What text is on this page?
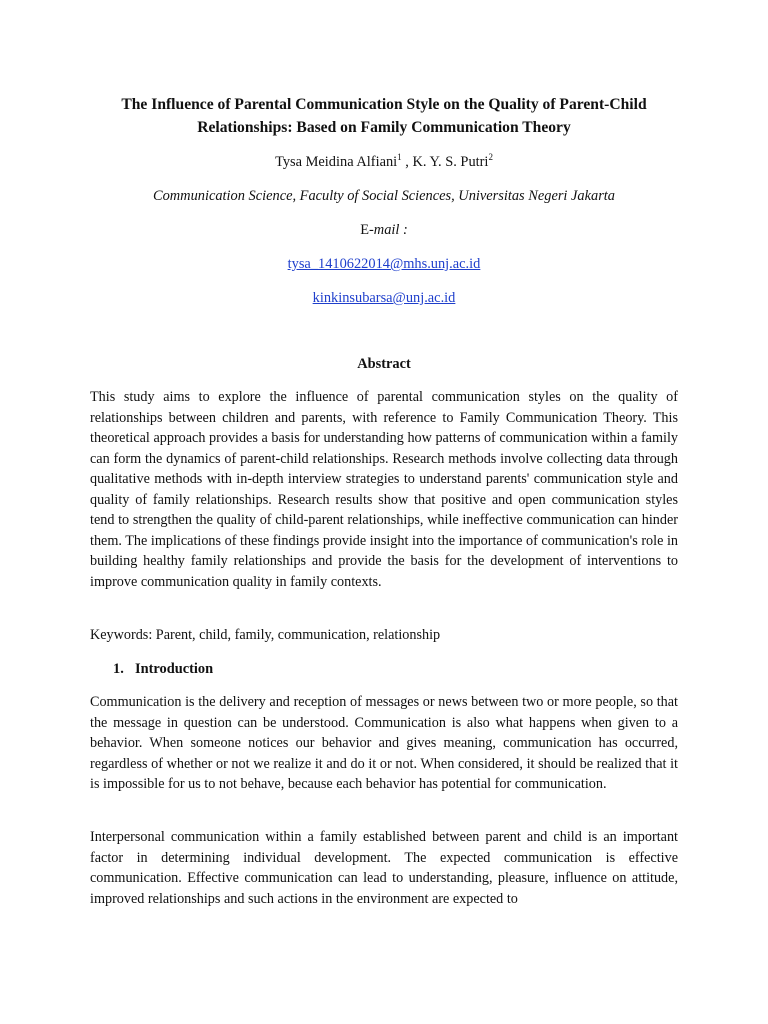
The Influence of Parental Communication Style on the Quality of Parent-Child Relationships: Based on Family Communication Theory
Tysa Meidina Alfiani$^1$ , K. Y. S. Putri$^2$
Communication Science, Faculty of Social Sciences, Universitas Negeri Jakarta
E-mail :
tysa_1410622014@mhs.unj.ac.id
kinkinsubarsa@unj.ac.id
Abstract

This study aims to explore the influence of parental communication styles on the quality of relationships between children and parents, with reference to Family Communication Theory. This theoretical approach provides a basis for understanding how patterns of communication within a family can form the dynamics of parent-child relationships. Research methods involve collecting data through qualitative methods with in-depth interview strategies to understand parents' communication style and quality of family relationships. Research results show that positive and open communication styles tend to strengthen the quality of child-parent relationships, while ineffective communication can hinder them. The implications of these findings provide insight into the importance of communication's role in building healthy family relationships and provide the basis for the development of interventions to improve communication quality in family contexts.

Keywords: Parent, child, family, communication, relationship

1. Introduction

Communication is the delivery and reception of messages or news between two or more people, so that the message in question can be understood. Communication is also what happens when given to a behavior. When someone notices our behavior and gives meaning, communication has occurred, regardless of whether or not we realize it and do it or not. When considered, it should be realized that it is impossible for us to not behave, because each behavior has potential for communication.

Interpersonal communication within a family established between parent and child is an important factor in determining individual development. The expected communication is effective communication. Effective communication can lead to understanding, pleasure, influence on attitude, improved relationships and such actions in the environment are expected to
